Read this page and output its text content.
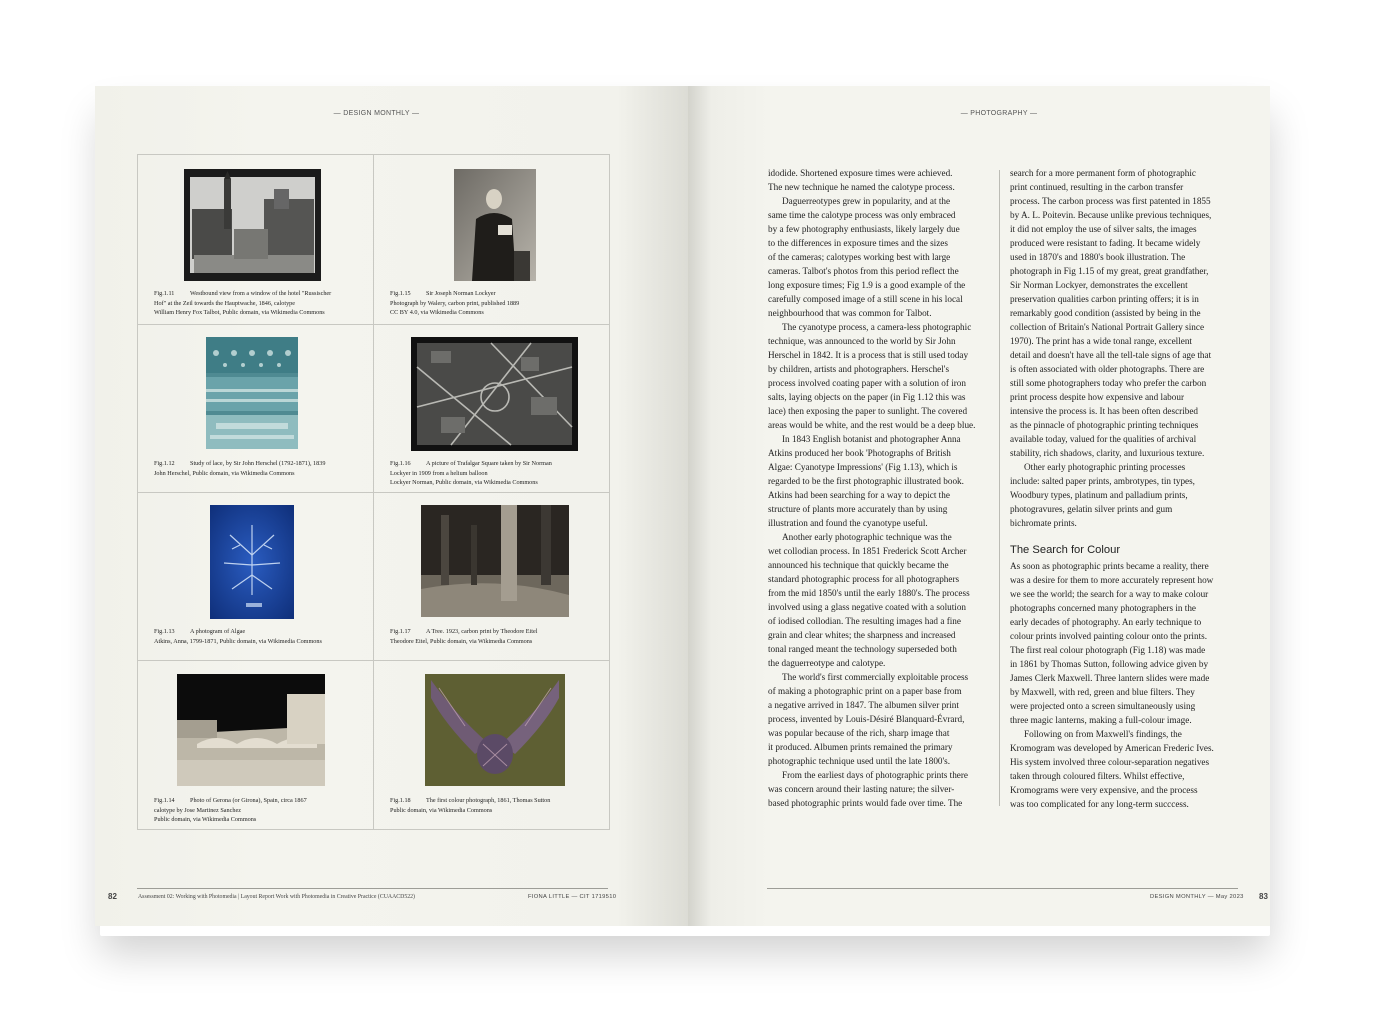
— DESIGN MONTHLY —
Fig.1.11	Westbound view from a window of the hotel "Russischer
Hof" at the Zeil towards the Hauptwache, 1846, calotype
William Henry Fox Talbot, Public domain, via Wikimedia Commons
Fig.1.15 Sir Joseph Norman Lockyer
Photograph by Walery, carbon print, published 1889
CC BY 4.0, via Wikimedia Commons
Fig.1.12 Study of lace, by Sir John Herschel (1792-1871), 1839
John Herschel, Public domain, via Wikimedia Commons
Fig.1.16 A picture of Trafalgar Square taken by Sir Norman
Lockyer in 1909 from a helium balloon
Lockyer Norman, Public domain, via Wikimedia Commons
Fig.1.13 A photogram of Algae
Atkins, Anna, 1799-1871, Public domain, via Wikimedia Commons
Fig.1.17 A Tree. 1923, carbon print by Theodore Eitel
Theodore Eitel, Public domain, via Wikimedia Commons
Fig.1.14 Photo of Gerona (or Girona), Spain, circa 1867
calotype by Jose Martinez Sanchez
Public domain, via Wikimedia Commons
Fig.1.18 The first colour photograph, 1861, Thomas Sutton
Public domain, via Wikimedia Commons
82	Assessment 02: Working with Photomedia | Layout Report Work with Photomedia in Creative Practice (CUAACD522)	FIONA LITTLE — CIT 1719510
— PHOTOGRAPHY —

idodide. Shortened exposure times were achieved.
The new technique he named the calotype process.

Daguerreotypes grew in popularity, and at the
same time the calotype process was only embraced
by a few photography enthusiasts, likely largely due
to the differences in exposure times and the sizes
of the cameras; calotypes working best with large
cameras. Talbot's photos from this period reflect the
long exposure times; Fig 1.9 is a good example of the
carefully composed image of a still scene in his local
neighbourhood that was common for Talbot.

The cyanotype process, a camera-less photographic
technique, was announced to the world by Sir John
Herschel in 1842. It is a process that is still used today
by children, artists and photographers. Herschel's
process involved coating paper with a solution of iron
salts, laying objects on the paper (in Fig 1.12 this was
lace) then exposing the paper to sunlight. The covered
areas would be white, and the rest would be a deep blue.

In 1843 English botanist and photographer Anna
Atkins produced her book 'Photographs of British
Algae: Cyanotype Impressions' (Fig 1.13), which is
regarded to be the first photographic illustrated book.
Atkins had been searching for a way to depict the
structure of plants more accurately than by using
illustration and found the cyanotype useful.

Another early photographic technique was the
wet collodian process. In 1851 Frederick Scott Archer
announced his technique that quickly became the
standard photographic process for all photographers
from the mid 1850's until the early 1880's. The process
involved using a glass negative coated with a solution
of iodised collodian. The resulting images had a fine
grain and clear whites; the sharpness and increased
tonal ranged meant the technology superseded both
the daguerreotype and calotype.

The world's first commercially exploitable process
of making a photographic print on a paper base from
a negative arrived in 1847. The albumen silver print
process, invented by Louis-Désiré Blanquard-Évrard,
was popular because of the rich, sharp image that
it produced. Albumen prints remained the primary
photographic technique used until the late 1800's.

From the earliest days of photographic prints there
was concern around their lasting nature; the silver-
based photographic prints would fade over time. The

search for a more permanent form of photographic
print continued, resulting in the carbon transfer
process. The carbon process was first patented in 1855
by A. L. Poitevin. Because unlike previous techniques,
it did not employ the use of silver salts, the images
produced were resistant to fading. It became widely
used in 1870's and 1880's book illustration. The
photograph in Fig 1.15 of my great, great grandfather,
Sir Norman Lockyer, demonstrates the excellent
preservation qualities carbon printing offers; it is in
remarkably good condition (assisted by being in the
collection of Britain's National Portrait Gallery since
1970). The print has a wide tonal range, excellent
detail and doesn't have all the tell-tale signs of age that
is often associated with older photographs. There are
still some photographers today who prefer the carbon
print process despite how expensive and labour
intensive the process is. It has been often described
as the pinnacle of photographic printing techniques
available today, valued for the qualities of archival
stability, rich shadows, clarity, and luxurious texture.

Other early photographic printing processes
include: salted paper prints, ambrotypes, tin types,
Woodbury types, platinum and palladium prints,
photogravures, gelatin silver prints and gum
bichromate prints.

The Search for Colour

As soon as photographic prints became a reality, there
was a desire for them to more accurately represent how
we see the world; the search for a way to make colour
photographs concerned many photographers in the
early decades of photography. An early technique to
colour prints involved painting colour onto the prints.
The first real colour photograph (Fig 1.18) was made
in 1861 by Thomas Sutton, following advice given by
James Clerk Maxwell. Three lantern slides were made
by Maxwell, with red, green and blue filters. They
were projected onto a screen simultaneously using
three magic lanterns, making a full-colour image.

Following on from Maxwell's findings, the
Kromogram was developed by American Frederic Ives.
His system involved three colour-separation negatives
taken through coloured filters. Whilst effective,
Kromograms were very expensive, and the process
was too complicated for any long-term succcess.

DESIGN MONTHLY — May 2023 83
